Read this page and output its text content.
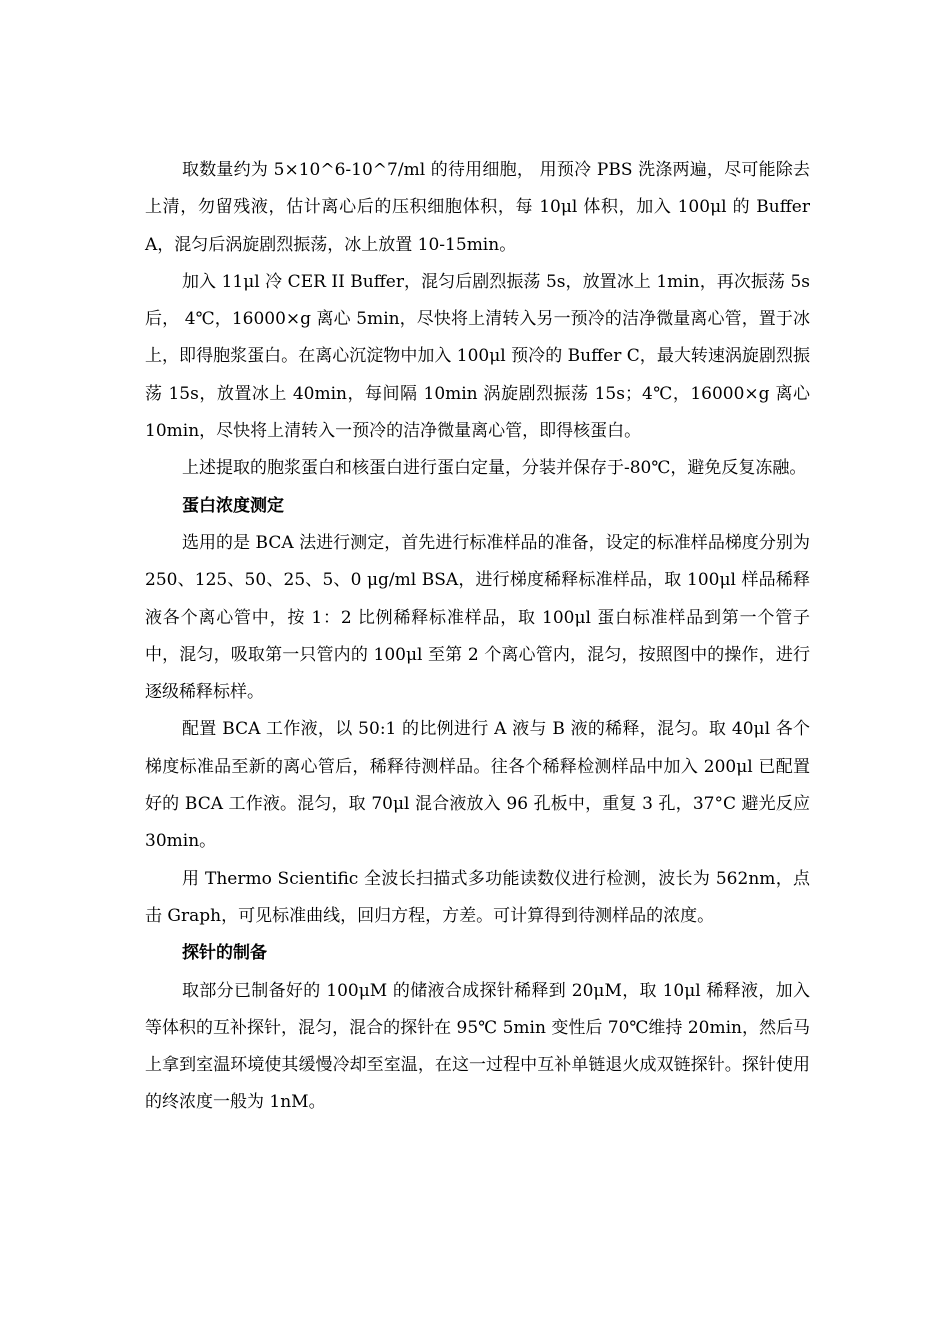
取数量约为 5×10^6-10^7/ml 的待用细胞， 用预冷 PBS 洗涤两遍，尽可能除去上清，勿留残液，估计离心后的压积细胞体积，每 10μl 体积，加入 100μl 的 Buffer A，混匀后涡旋剧烈振荡，冰上放置 10-15min。

加入 11μl 冷 CER II Buffer，混匀后剧烈振荡 5s，放置冰上 1min，再次振荡 5s 后， 4℃，16000×g 离心 5min，尽快将上清转入另一预冷的洁净微量离心管，置于冰上，即得胞浆蛋白。在离心沉淀物中加入 100μl 预冷的 Buffer C，最大转速涡旋剧烈振荡 15s，放置冰上 40min，每间隔 10min 涡旋剧烈振荡 15s；4℃，16000×g 离心 10min，尽快将上清转入一预冷的洁净微量离心管，即得核蛋白。

上述提取的胞浆蛋白和核蛋白进行蛋白定量，分装并保存于-80℃，避免反复冻融。

蛋白浓度测定

选用的是 BCA 法进行测定，首先进行标准样品的准备，设定的标准样品梯度分别为 250、125、50、25、5、0 μg/ml BSA，进行梯度稀释标准样品，取 100μl 样品稀释液各个离心管中，按 1：2 比例稀释标准样品，取 100μl 蛋白标准样品到第一个管子中，混匀，吸取第一只管内的 100μl 至第 2 个离心管内，混匀，按照图中的操作，进行逐级稀释标样。

配置 BCA 工作液，以 50:1 的比例进行 A 液与 B 液的稀释，混匀。取 40μl 各个梯度标准品至新的离心管后，稀释待测样品。往各个稀释检测样品中加入 200μl 已配置好的 BCA 工作液。混匀，取 70μl 混合液放入 96 孔板中，重复 3 孔，37°C 避光反应 30min。

用 Thermo Scientific 全波长扫描式多功能读数仪进行检测，波长为 562nm，点击 Graph，可见标准曲线，回归方程，方差。可计算得到待测样品的浓度。

探针的制备

取部分已制备好的 100μM 的储液合成探针稀释到 20μM，取 10μl 稀释液，加入等体积的互补探针，混匀，混合的探针在 95℃ 5min 变性后 70℃维持 20min，然后马上拿到室温环境使其缓慢冷却至室温，在这一过程中互补单链退火成双链探针。探针使用的终浓度一般为 1nM。
